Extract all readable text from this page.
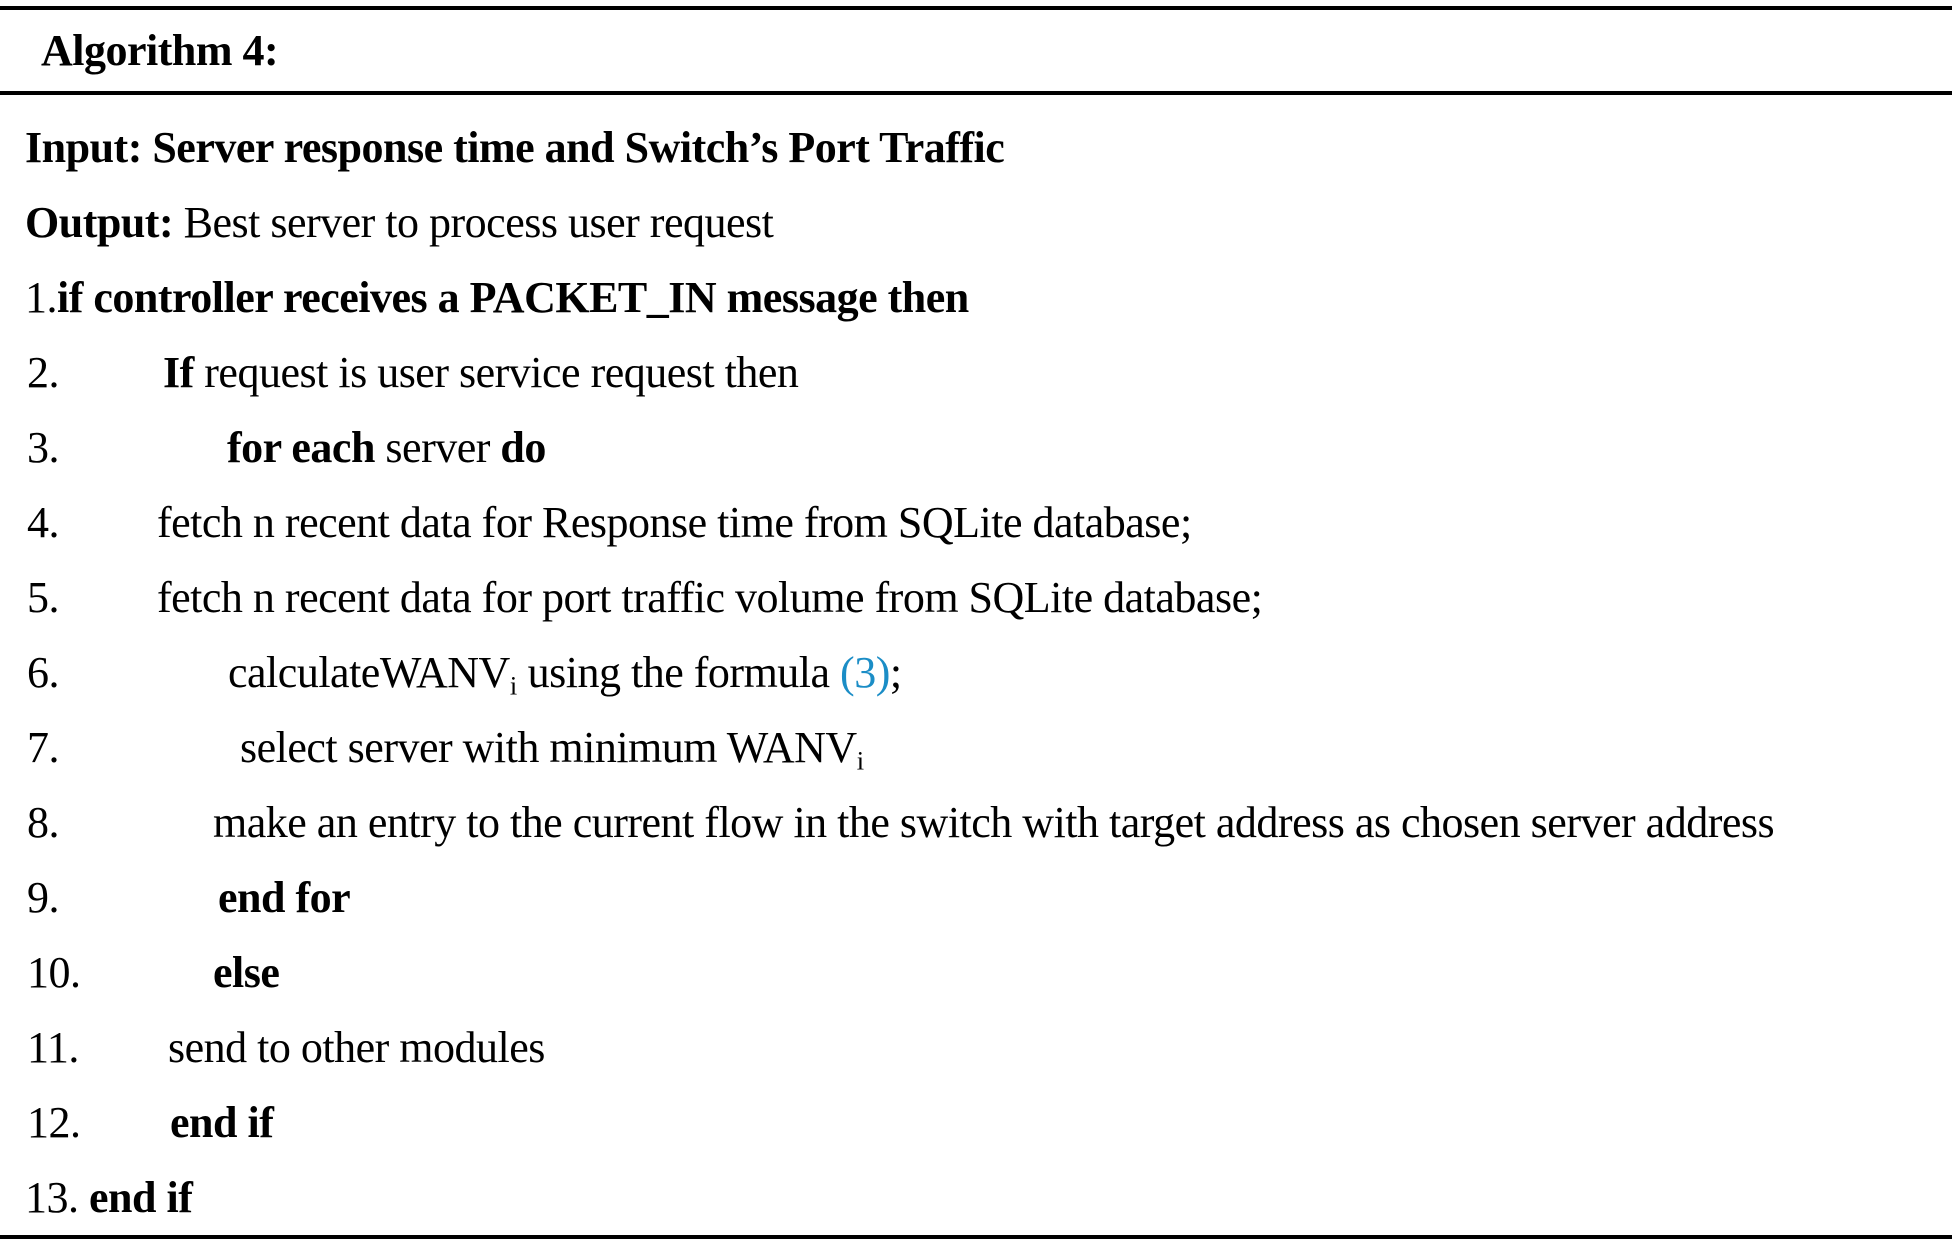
Algorithm 4:
Input: Server response time and Switch’s Port Traffic
Output: Best server to process user request
1.if controller receives a PACKET_IN message then
2. If request is user service request then
3.	for each server do
4. fetch n recent data for Response time from SQLite database;
5. fetch n recent data for port traffic volume from SQLite database;
6.	calculateWANV$_i$ using the formula (3);
7.	select server with minimum $WANV_i$
8.	make an entry to the current flow in the switch with target address as chosen server address
9.	end for
10.	else
11. send to other modules
12. end if
13. end if
